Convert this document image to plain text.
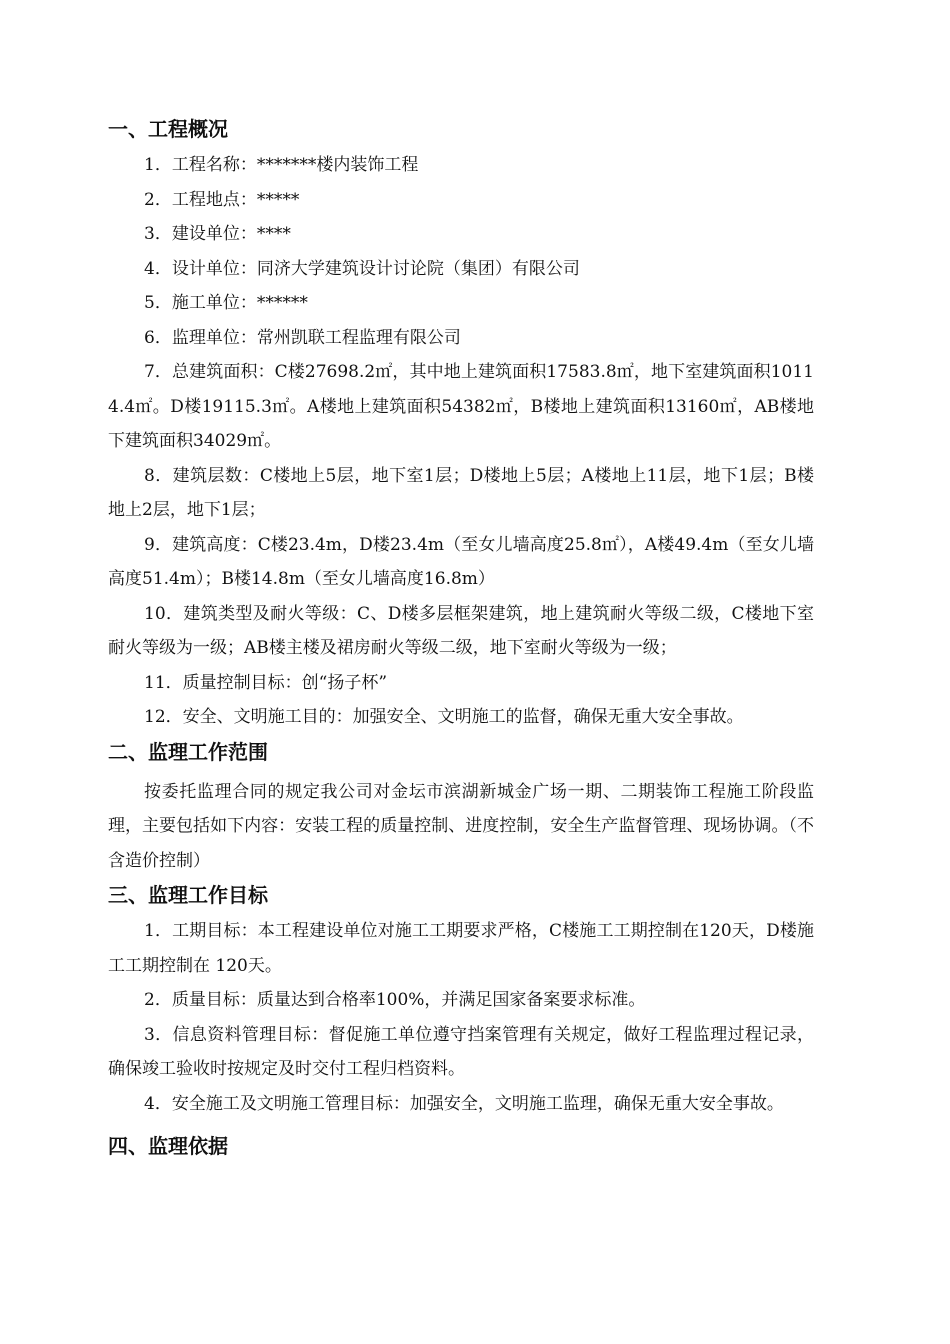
一、工程概况

1．工程名称：*******楼内装饰工程

2．工程地点：*****

3．建设单位：****

4．设计单位：同济大学建筑设计讨论院（集团）有限公司

5．施工单位：******

6．监理单位：常州凯联工程监理有限公司

7．总建筑面积：C楼27698.2㎡，其中地上建筑面积17583.8㎡，地下室建筑面积10114.4㎡。D楼19115.3㎡。A楼地上建筑面积54382㎡，B楼地上建筑面积13160㎡，AB楼地下建筑面积34029㎡。

8．建筑层数：C楼地上5层，地下室1层；D楼地上5层；A楼地上11层，地下1层；B楼地上2层，地下1层；

9．建筑高度：C楼23.4m，D楼23.4m（至女儿墙高度25.8㎡），A楼49.4m（至女儿墙高度51.4m）；B楼14.8m（至女儿墙高度16.8m）

10．建筑类型及耐火等级：C、D楼多层框架建筑，地上建筑耐火等级二级，C楼地下室耐火等级为一级；AB楼主楼及裙房耐火等级二级，地下室耐火等级为一级；

11．质量控制目标：创“扬子杯”

12．安全、文明施工目的：加强安全、文明施工的监督，确保无重大安全事故。

二、监理工作范围

按委托监理合同的规定我公司对金坛市滨湖新城金广场一期、二期装饰工程施工阶段监理，主要包括如下内容：安装工程的质量控制、进度控制，安全生产监督管理、现场协调。（不含造价控制）

三、监理工作目标

1．工期目标：本工程建设单位对施工工期要求严格，C楼施工工期控制在120天，D楼施工工期控制在 120天。

2．质量目标：质量达到合格率100%，并满足国家备案要求标准。

3．信息资料管理目标：督促施工单位遵守挡案管理有关规定，做好工程监理过程记录，确保竣工验收时按规定及时交付工程归档资料。

4．安全施工及文明施工管理目标：加强安全，文明施工监理，确保无重大安全事故。

四、监理依据
